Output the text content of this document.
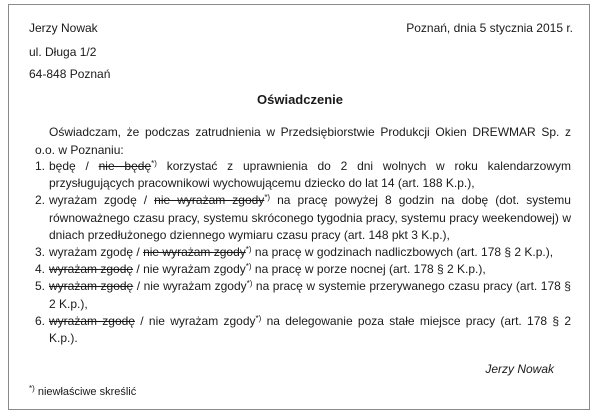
Jerzy Nowak
ul. Długa 1/2
64-848 Poznań
Poznań, dnia 5 stycznia 2015 r.
Oświadczenie
Oświadczam, że podczas zatrudnienia w Przedsiębiorstwie Produkcji Okien DREWMAR Sp. z o.o. w Poznaniu:
1. będę / nie będę*) korzystać z uprawnienia do 2 dni wolnych w roku kalendarzowym przysługujących pracownikowi wychowującemu dziecko do lat 14 (art. 188 K.p.),
2. wyrażam zgodę / nie wyrażam zgody*) na pracę powyżej 8 godzin na dobę (dot. systemu równoważnego czasu pracy, systemu skróconego tygodnia pracy, systemu pracy weekendowej) w dniach przedłużonego dziennego wymiaru czasu pracy (art. 148 pkt 3 K.p.),
3. wyrażam zgodę / nie wyrażam zgody*) na pracę w godzinach nadliczbowych (art. 178 § 2 K.p.),
4. wyrażam zgodę / nie wyrażam zgody*) na pracę w porze nocnej (art. 178 § 2 K.p.),
5. wyrażam zgodę / nie wyrażam zgody*) na pracę w systemie przerywanego czasu pracy (art. 178 § 2 K.p.),
6. wyrażam zgodę / nie wyrażam zgody*) na delegowanie poza stałe miejsce pracy (art. 178 § 2 K.p.).
Jerzy Nowak
*) niewłaściwe skreślić
